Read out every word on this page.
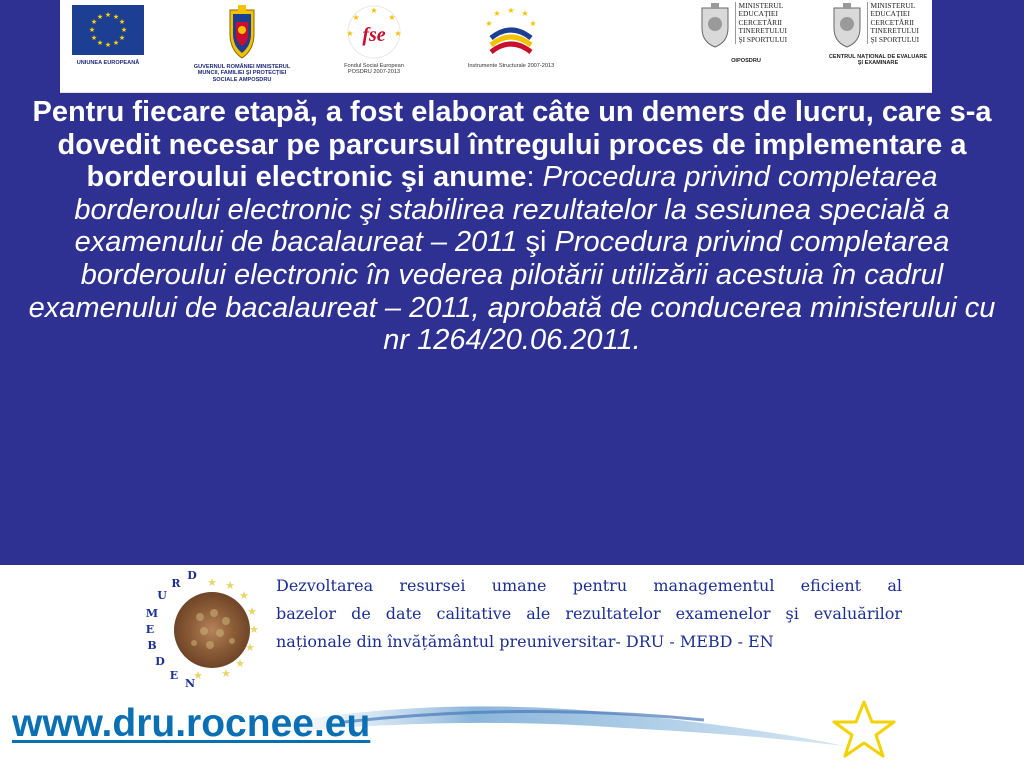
★ ★
★
★
★
★
★
★
★
★
★
★
UNIUNEA EUROPEANĂ
GUVERNUL ROMÂNIEI MINISTERUL MUNCII, FAMILIEI ŞI PROTECȚIEI SOCIALE AMPOSDRU
★
★
★
★
★ fse
Fondul Social European POSDRU 2007-2013
★ ★
★
★
★
Instrumente Structurale 2007-2013
MINISTERUL EDUCAȚIEI CERCETĂRII TINERETULUI ŞI SPORTULUI
OIPOSDRU
MINISTERUL EDUCAȚIEI CERCETĂRII TINERETULUI ŞI SPORTULUI
CENTRUL NAȚIONAL DE EVALUARE ŞI EXAMINARE
Pentru fiecare etapă, a fost elaborat câte un demers de lucru, care s-a dovedit necesar pe parcursul întregului proces de implementare a borderoului electronic şi anume: Procedura privind completarea borderoului electronic şi stabilirea rezultatelor la sesiunea specială a examenului de bacalaureat – 2011 şi Procedura privind completarea borderoului electronic în vederea pilotării utilizării acestuia în cadrul examenului de bacalaureat – 2011, aprobată de conducerea ministerului cu nr 1264/20.06.2011.
★ ★
★
★
★
★
★
★
★
U
M
E
B
D
R
D
E
N
Dezvoltarea resursei umane pentru managementul eficient al
bazelor de date calitative ale rezultatelor examenelor şi evaluărilor
naționale din învățământul preuniversitar- DRU - MEBD - EN
www.dru.rocnee.eu
